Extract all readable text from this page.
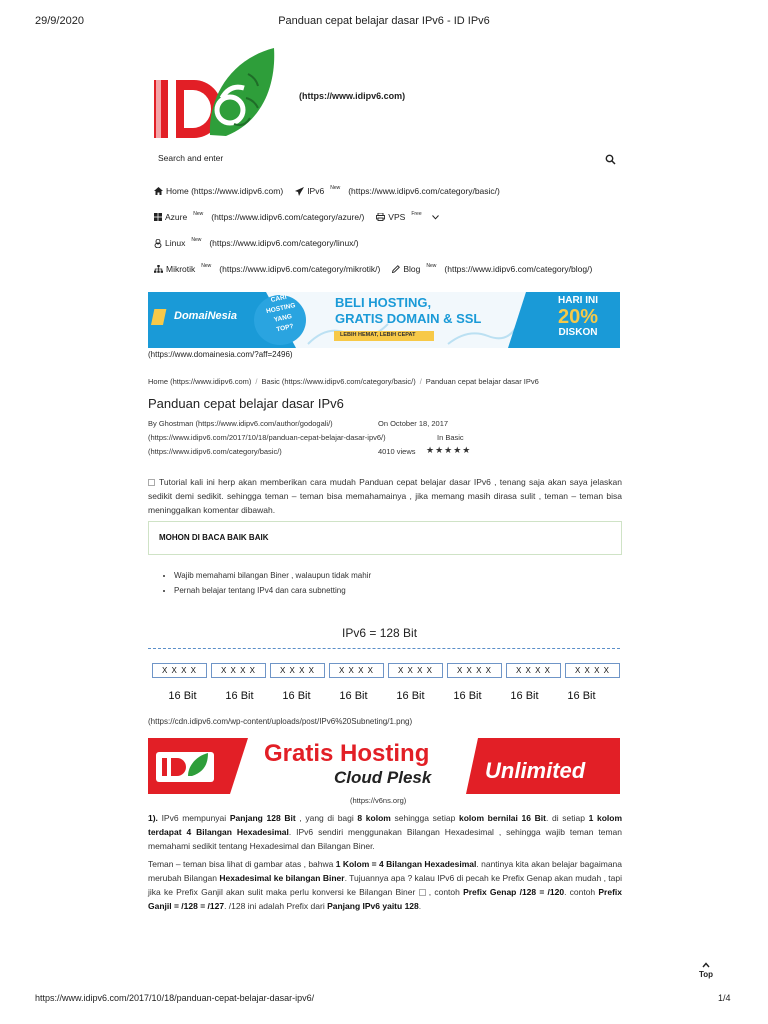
29/9/2020	Panduan cepat belajar dasar IPv6 - ID IPv6
(https://www.idipv6.com)
Search and enter
Home
(https://www.idipv6.com)	IPv6 $^{New}$ (https://www.idipv6.com/category/basic/)
Azure $^{New}$ (https://www.idipv6.com/category/azure/)	VPS $^{Free}$
Linux $^{New}$ (https://www.idipv6.com/category/linux/)
Mikrotik $^{New}$ (https://www.idipv6.com/category/mikrotik/)	Blog $^{New}$ (https://www.idipv6.com/category/blog/)
DomaiNesia
CARI
HOSTING
YANG
TOP?
BELI HOSTING,
GRATIS DOMAIN & SSL
LEBIH HEMAT, LEBIH CEPAT
HARI INI
20%
DISKON
(https://www.domainesia.com/?aff=2496)
Home (https://www.idipv6.com) / Basic (https://www.idipv6.com/category/basic/) / Panduan cepat belajar dasar IPv6
Panduan cepat belajar dasar IPv6
By Ghostman (https://www.idipv6.com/author/godogali/)	On October 18, 2017
(https://www.idipv6.com/2017/10/18/panduan-cepat-belajar-dasar-ipv6/)	In Basic
(https://www.idipv6.com/category/basic/)	4010 views ★★★★★
Tutorial kali ini herp akan memberikan cara mudah Panduan cepat belajar dasar IPv6 , tenang saja akan saya jelaskan sedikit demi sedikit. sehingga teman – teman bisa memahamainya , jika memang masih dirasa sulit , teman – teman bisa meninggalkan komentar dibawah.
MOHON DI BACA BAIK BAIK
• Wajib memahami bilangan Biner , walaupun tidak mahir
• Pernah belajar tentang IPv4 dan cara subnetting
IPv6 = 128 Bit
X X X X	X X X X	X X X X	X X X X	X X X X	X X X X	X X X X	X X X X
16 Bit	16 Bit	16 Bit	16 Bit	16 Bit	16 Bit	16 Bit	16 Bit
(https://cdn.idipv6.com/wp-content/uploads/post/IPv6%20Subneting/1.png)
Gratis Hosting
Cloud Plesk Unlimited
(https://v6ns.org)
1). IPv6 mempunyai Panjang 128 Bit , yang di bagi 8 kolom sehingga setiap kolom bernilai 16 Bit. di setiap 1 kolom terdapat 4 Bilangan Hexadesimal. IPv6 sendiri menggunakan Bilangan Hexadesimal , sehingga wajib teman teman memahami sedikit tentang Hexadesimal dan Bilangan Biner.
Teman – teman bisa lihat di gambar atas , bahwa 1 Kolom = 4 Bilangan Hexadesimal. nantinya kita akan belajar bagaimana merubah Bilangan Hexadesimal ke bilangan Biner. Tujuannya apa ? kalau IPv6 di pecah ke Prefix Genap akan mudah , tapi jika ke Prefix Ganjil akan sulit maka perlu konversi ke Bilangan Biner  , contoh Prefix Genap /128 = /120. contoh Prefix Ganjil = /128 = /127. /128 ini adalah Prefix dari Panjang IPv6 yaitu 128.
Top
https://www.idipv6.com/2017/10/18/panduan-cepat-belajar-dasar-ipv6/	1/4
